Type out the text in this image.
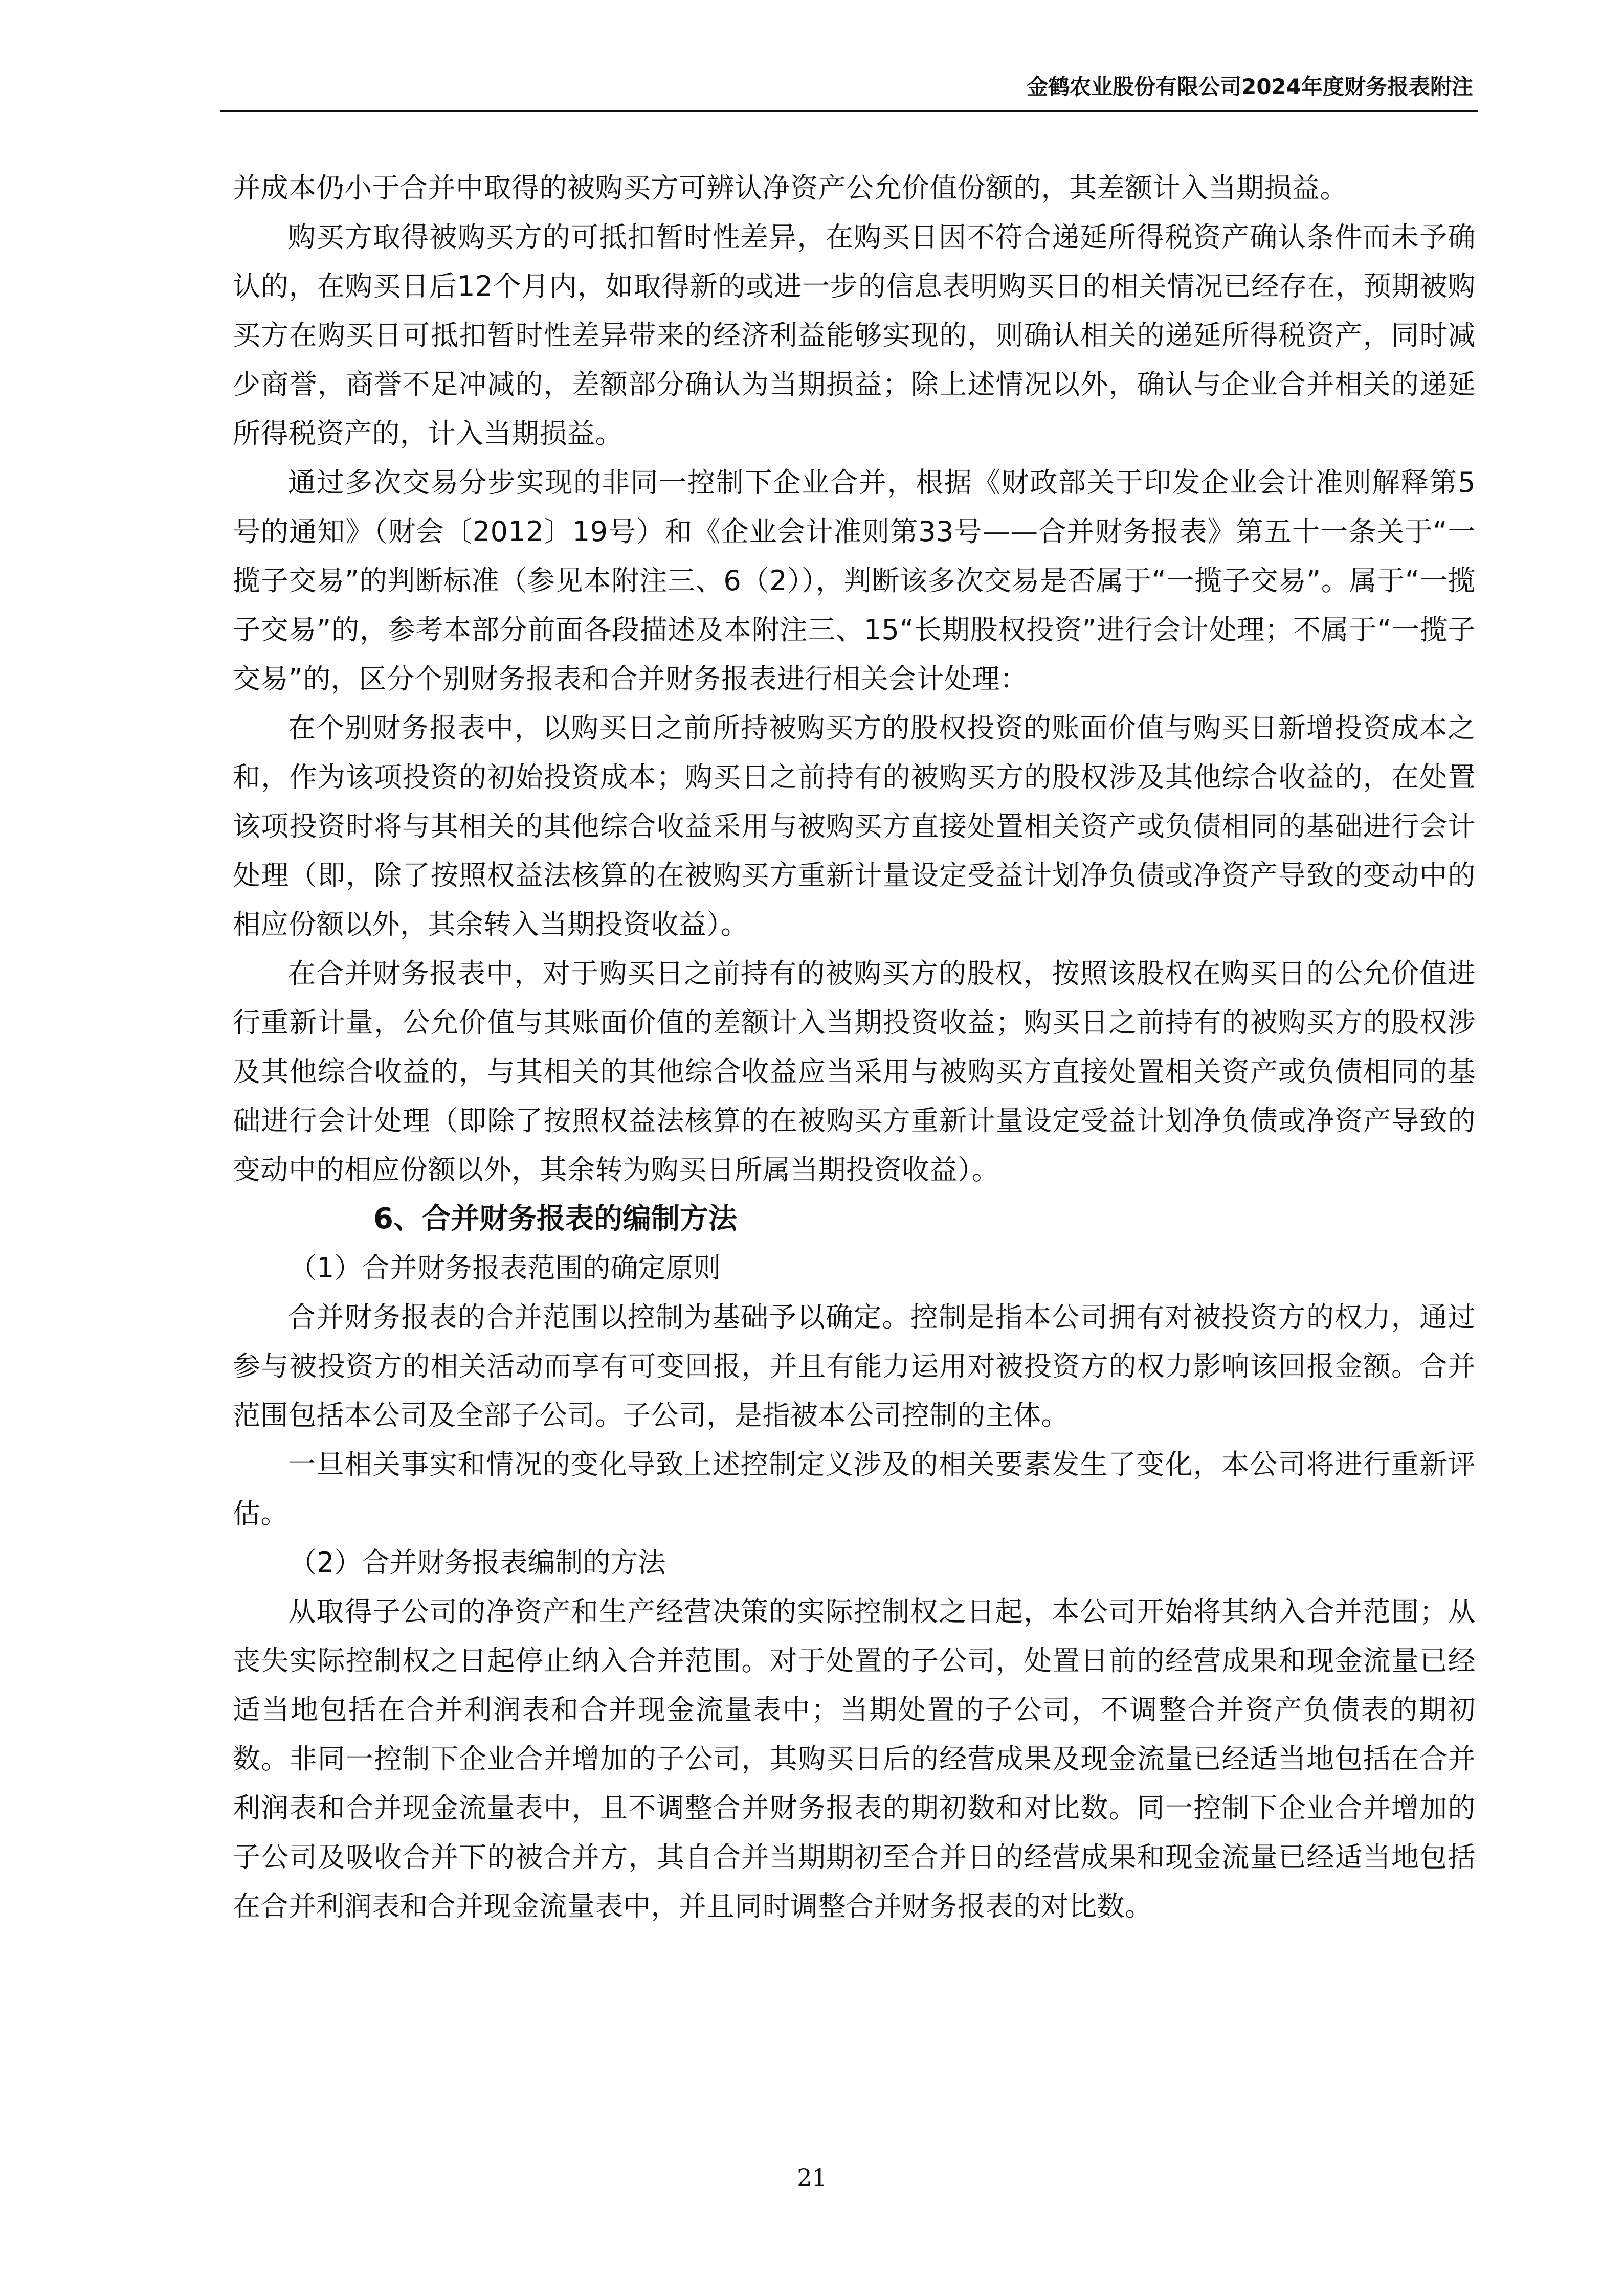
金鹤农业股份有限公司2024年度财务报表附注

并成本仍小于合并中取得的被购买方可辨认净资产公允价值份额的，其差额计入当期损益。

购买方取得被购买方的可抵扣暂时性差异，在购买日因不符合递延所得税资产确认条件而未予确认的，在购买日后12个月内，如取得新的或进一步的信息表明购买日的相关情况已经存在，预期被购买方在购买日可抵扣暂时性差异带来的经济利益能够实现的，则确认相关的递延所得税资产，同时减少商誉，商誉不足冲减的，差额部分确认为当期损益；除上述情况以外，确认与企业合并相关的递延所得税资产的，计入当期损益。

通过多次交易分步实现的非同一控制下企业合并，根据《财政部关于印发企业会计准则解释第5号的通知》（财会〔2012〕19号）和《企业会计准则第33号——合并财务报表》第五十一条关于“一揽子交易”的判断标准（参见本附注三、6（2）），判断该多次交易是否属于“一揽子交易”。属于“一揽子交易”的，参考本部分前面各段描述及本附注三、15“长期股权投资”进行会计处理；不属于“一揽子交易”的，区分个别财务报表和合并财务报表进行相关会计处理：

在个别财务报表中，以购买日之前所持被购买方的股权投资的账面价值与购买日新增投资成本之和，作为该项投资的初始投资成本；购买日之前持有的被购买方的股权涉及其他综合收益的，在处置该项投资时将与其相关的其他综合收益采用与被购买方直接处置相关资产或负债相同的基础进行会计处理（即，除了按照权益法核算的在被购买方重新计量设定受益计划净负债或净资产导致的变动中的相应份额以外，其余转入当期投资收益）。

在合并财务报表中，对于购买日之前持有的被购买方的股权，按照该股权在购买日的公允价值进行重新计量，公允价值与其账面价值的差额计入当期投资收益；购买日之前持有的被购买方的股权涉及其他综合收益的，与其相关的其他综合收益应当采用与被购买方直接处置相关资产或负债相同的基础进行会计处理（即除了按照权益法核算的在被购买方重新计量设定受益计划净负债或净资产导致的变动中的相应份额以外，其余转为购买日所属当期投资收益）。

6、合并财务报表的编制方法

（1）合并财务报表范围的确定原则

合并财务报表的合并范围以控制为基础予以确定。控制是指本公司拥有对被投资方的权力，通过参与被投资方的相关活动而享有可变回报，并且有能力运用对被投资方的权力影响该回报金额。合并范围包括本公司及全部子公司。子公司，是指被本公司控制的主体。

一旦相关事实和情况的变化导致上述控制定义涉及的相关要素发生了变化，本公司将进行重新评估。

（2）合并财务报表编制的方法

从取得子公司的净资产和生产经营决策的实际控制权之日起，本公司开始将其纳入合并范围；从丧失实际控制权之日起停止纳入合并范围。对于处置的子公司，处置日前的经营成果和现金流量已经适当地包括在合并利润表和合并现金流量表中；当期处置的子公司，不调整合并资产负债表的期初数。非同一控制下企业合并增加的子公司，其购买日后的经营成果及现金流量已经适当地包括在合并利润表和合并现金流量表中，且不调整合并财务报表的期初数和对比数。同一控制下企业合并增加的子公司及吸收合并下的被合并方，其自合并当期期初至合并日的经营成果和现金流量已经适当地包括在合并利润表和合并现金流量表中，并且同时调整合并财务报表的对比数。

21
